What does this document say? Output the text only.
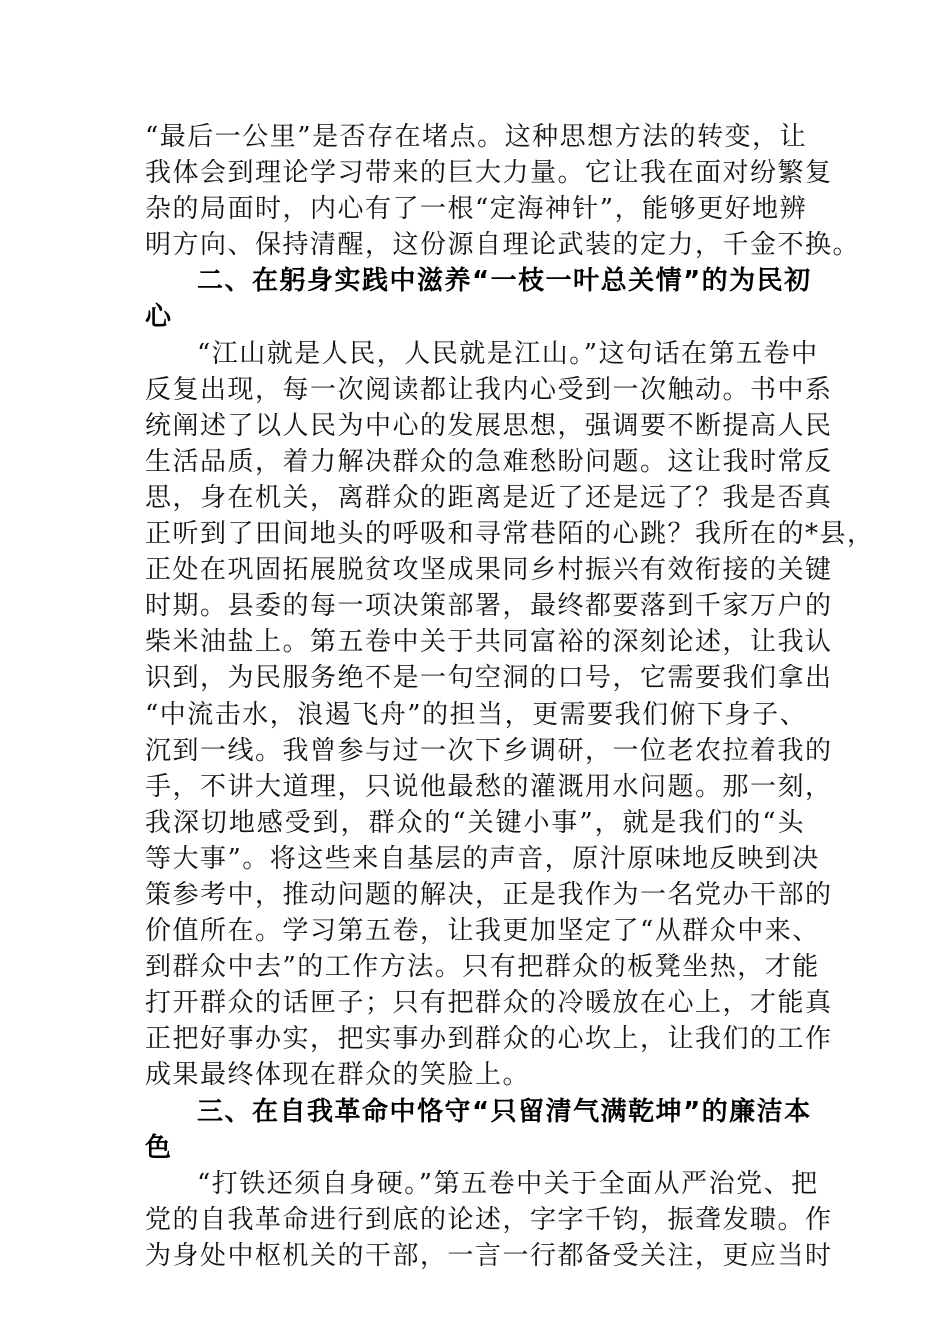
“最后一公里”是否存在堵点。这种思想方法的转变，让
我体会到理论学习带来的巨大力量。它让我在面对纷繁复
杂的局面时，内心有了一根“定海神针”，能够更好地辨
明方向、保持清醒，这份源自理论武装的定力，千金不换。
二、在躬身实践中滋养“一枝一叶总关情”的为民初
心
“江山就是人民，人民就是江山。”这句话在第五卷中
反复出现，每一次阅读都让我内心受到一次触动。书中系
统阐述了以人民为中心的发展思想，强调要不断提高人民
生活品质，着力解决群众的急难愁盼问题。这让我时常反
思，身在机关，离群众的距离是近了还是远了？我是否真
正听到了田间地头的呼吸和寻常巷陌的心跳？我所在的*县，
正处在巩固拓展脱贫攻坚成果同乡村振兴有效衔接的关键
时期。县委的每一项决策部署，最终都要落到千家万户的
柴米油盐上。第五卷中关于共同富裕的深刻论述，让我认
识到，为民服务绝不是一句空洞的口号，它需要我们拿出
“中流击水，浪遏飞舟”的担当，更需要我们俯下身子、
沉到一线。我曾参与过一次下乡调研，一位老农拉着我的
手，不讲大道理，只说他最愁的灌溉用水问题。那一刻，
我深切地感受到，群众的“关键小事”，就是我们的“头
等大事”。将这些来自基层的声音，原汁原味地反映到决
策参考中，推动问题的解决，正是我作为一名党办干部的
价值所在。学习第五卷，让我更加坚定了“从群众中来、
到群众中去”的工作方法。只有把群众的板凳坐热，才能
打开群众的话匣子；只有把群众的冷暖放在心上，才能真
正把好事办实，把实事办到群众的心坎上，让我们的工作
成果最终体现在群众的笑脸上。
三、在自我革命中恪守“只留清气满乾坤”的廉洁本
色
“打铁还须自身硬。”第五卷中关于全面从严治党、把
党的自我革命进行到底的论述，字字千钧，振聋发聩。作
为身处中枢机关的干部，一言一行都备受关注，更应当时
